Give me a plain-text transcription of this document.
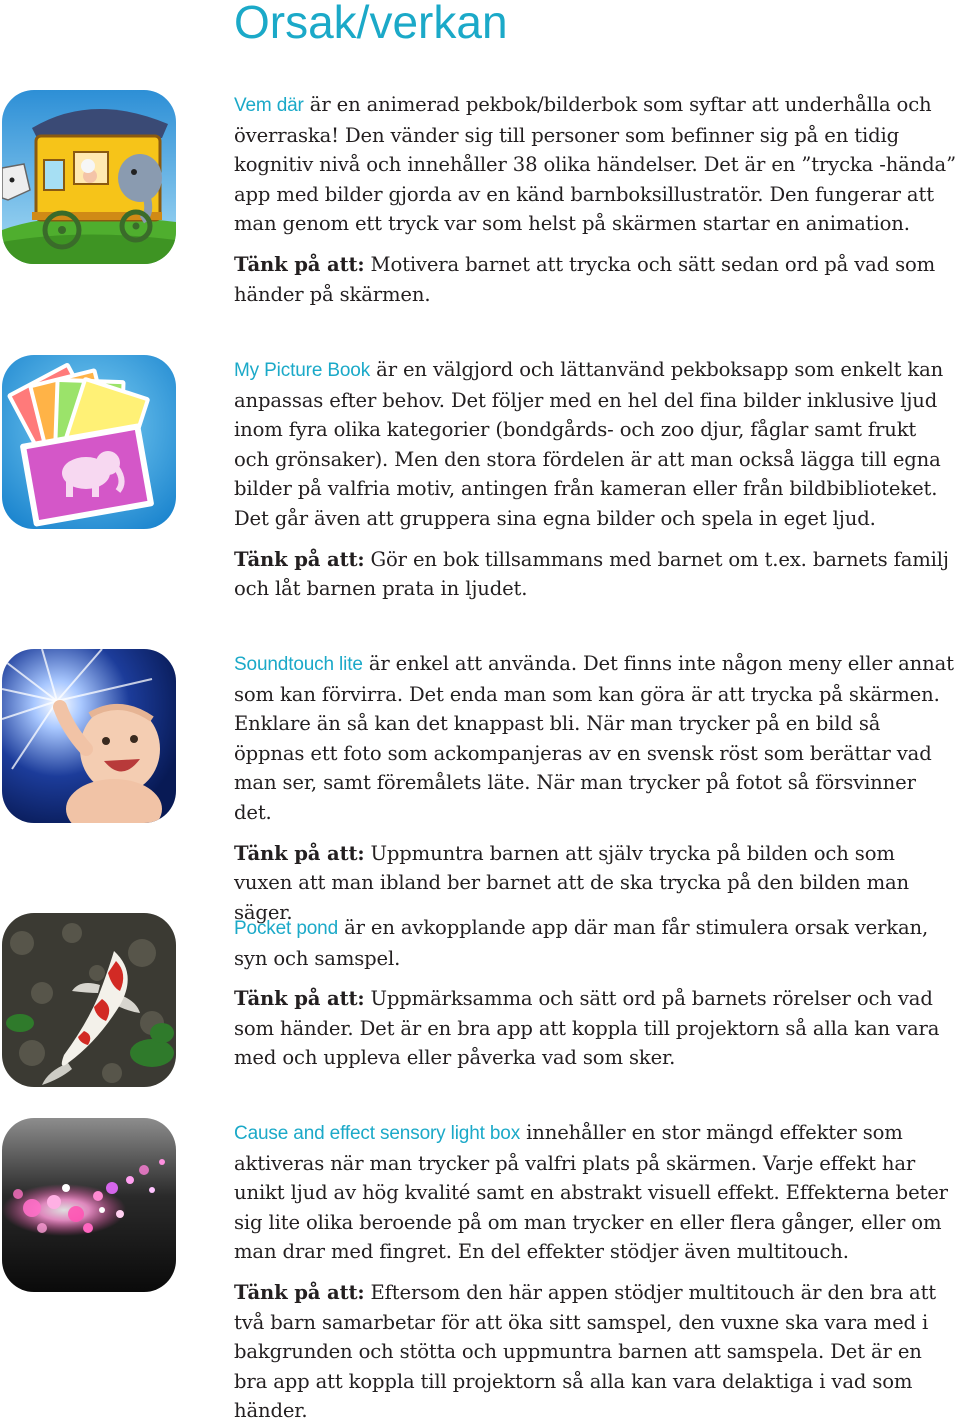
Orsak/verkan

Vem där är en animerad pekbok/bilderbok som syftar att underhålla och överraska! Den vänder sig till personer som befinner sig på en tidig kognitiv nivå och innehåller 38 olika händelser. Det är en ”trycka -hända” app med bilder gjorda av en känd barnboksillustratör. Den fungerar att man genom ett tryck var som helst på skärmen startar en animation.

Tänk på att: Motivera barnet att trycka och sätt sedan ord på vad som händer på skärmen.

My Picture Book är en välgjord och lättanvänd pekboksapp som enkelt kan anpassas efter behov. Det följer med en hel del fina bilder inklusive ljud inom fyra olika kategorier (bondgårds- och zoo djur, fåglar samt frukt och grönsaker). Men den stora fördelen är att man också lägga till egna bilder på valfria motiv, antingen från kameran eller från bildbiblioteket. Det går även att gruppera sina egna bilder och spela in eget ljud.

Tänk på att: Gör en bok tillsammans med barnet om t.ex. barnets familj och låt barnen prata in ljudet.

Soundtouch lite är enkel att använda. Det finns inte någon meny eller annat som kan förvirra. Det enda man som kan göra är att trycka på skärmen. Enklare än så kan det knappast bli. När man trycker på en bild så öppnas ett foto som ackompanjeras av en svensk röst som berättar vad man ser, samt föremålets läte. När man trycker på fotot så försvinner det.

Tänk på att: Uppmuntra barnen att själv trycka på bilden och som vuxen att man ibland ber barnet att de ska trycka på den bilden man säger.

Pocket pond är en avkopplande app där man får stimulera orsak verkan, syn och samspel.

Tänk på att: Uppmärksamma och sätt ord på barnets rörelser och vad som händer. Det är en bra app att koppla till projektorn så alla kan vara med och uppleva eller påverka vad som sker.

Cause and effect sensory light box innehåller en stor mängd effekter som aktiveras när man trycker på valfri plats på skärmen. Varje effekt har unikt ljud av hög kvalité samt en abstrakt visuell effekt. Effekterna beter sig lite olika beroende på om man trycker en eller flera gånger, eller om man drar med fingret. En del effekter stödjer även multitouch.

Tänk på att: Eftersom den här appen stödjer multitouch är den bra att två barn samarbetar för att öka sitt samspel, den vuxne ska vara med i bakgrunden och stötta och uppmuntra barnen att samspela. Det är en bra app att koppla till projektorn så alla kan vara delaktiga i vad som händer.
